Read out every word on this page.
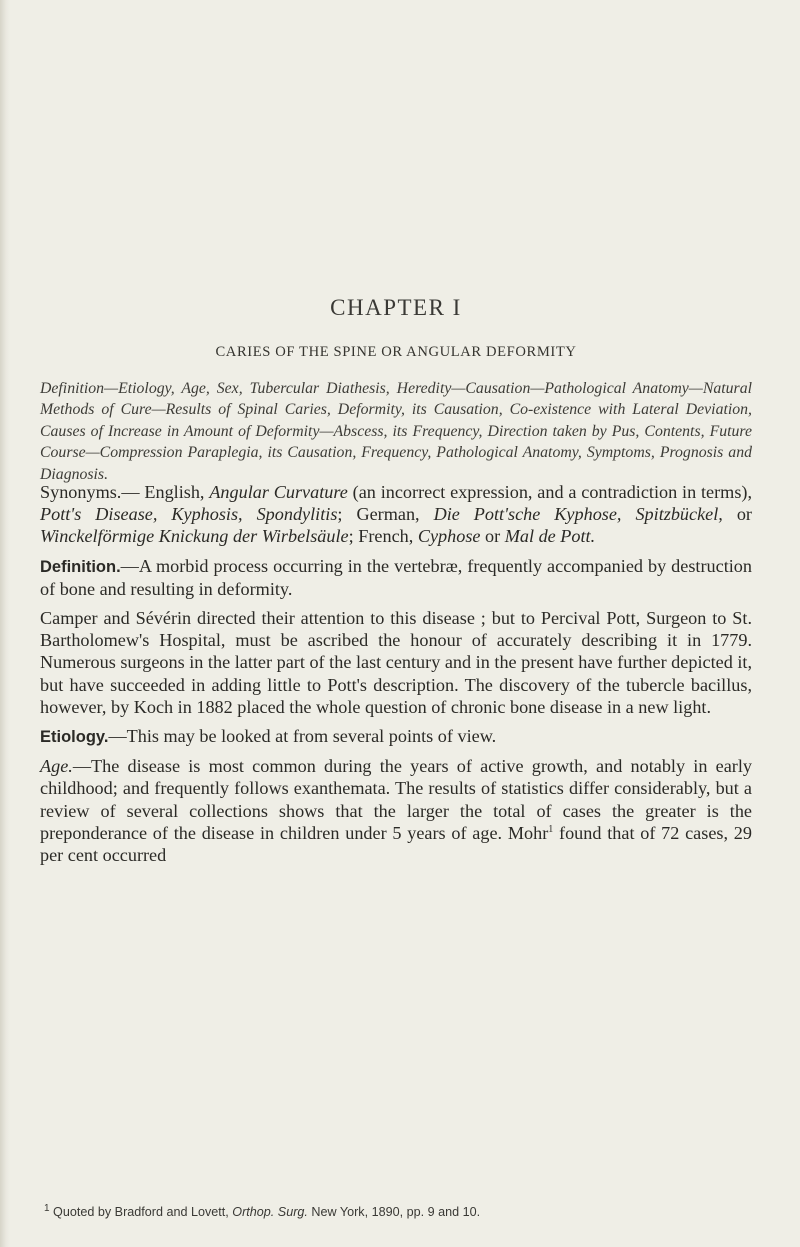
CHAPTER I
CARIES OF THE SPINE OR ANGULAR DEFORMITY
Definition—Etiology, Age, Sex, Tubercular Diathesis, Heredity—Causation—Pathological Anatomy—Natural Methods of Cure—Results of Spinal Caries, Deformity, its Causation, Co-existence with Lateral Deviation, Causes of Increase in Amount of Deformity—Abscess, its Frequency, Direction taken by Pus, Contents, Future Course—Compression Paraplegia, its Causation, Frequency, Pathological Anatomy, Symptoms, Prognosis and Diagnosis.

Synonyms.— English, Angular Curvature (an incorrect expression, and a contradiction in terms), Pott's Disease, Kyphosis, Spondylitis; German, Die Pott'sche Kyphose, Spitzbückel, or Winckelförmige Knickung der Wirbelsäule; French, Cyphose or Mal de Pott.

Definition.—A morbid process occurring in the vertebræ, frequently accompanied by destruction of bone and resulting in deformity.

Camper and Sévérin directed their attention to this disease ; but to Percival Pott, Surgeon to St. Bartholomew's Hospital, must be ascribed the honour of accurately describing it in 1779. Numerous surgeons in the latter part of the last century and in the present have further depicted it, but have succeeded in adding little to Pott's description. The discovery of the tubercle bacillus, however, by Koch in 1882 placed the whole question of chronic bone disease in a new light.

Etiology.—This may be looked at from several points of view.

Age.—The disease is most common during the years of active growth, and notably in early childhood; and frequently follows exanthemata. The results of statistics differ considerably, but a review of several collections shows that the larger the total of cases the greater is the preponderance of the disease in children under 5 years of age. Mohr$^1$ found that of 72 cases, 29 per cent occurred

$^1$ Quoted by Bradford and Lovett, Orthop. Surg. New York, 1890, pp. 9 and 10.
